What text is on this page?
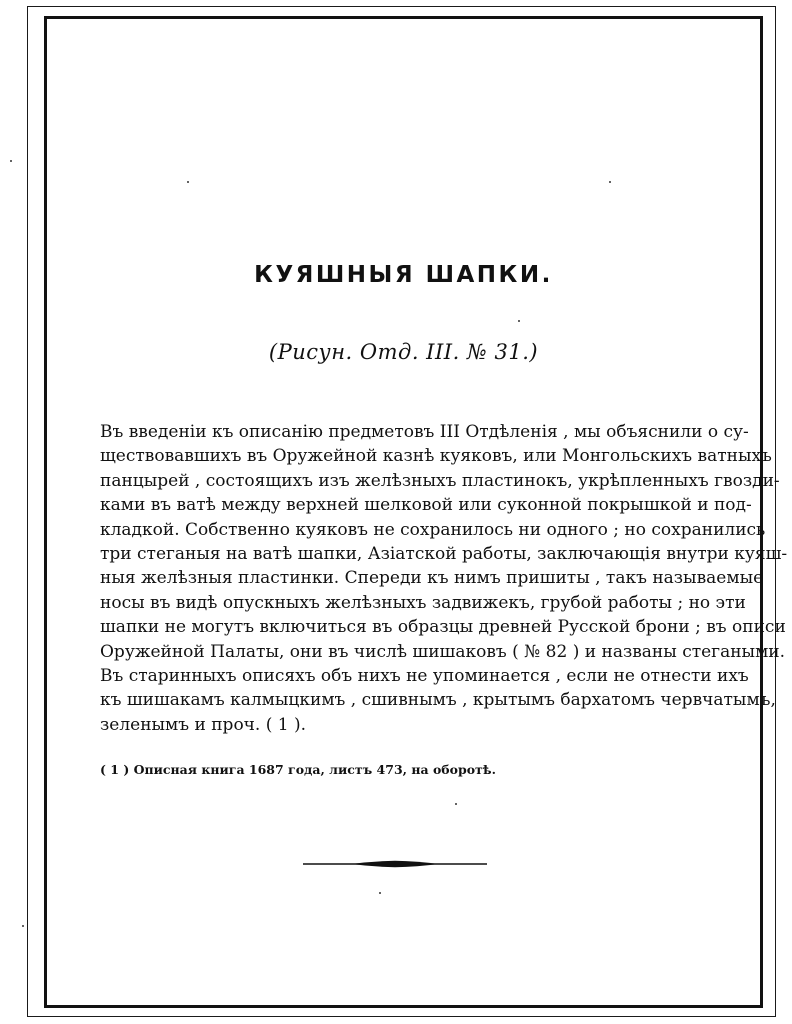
КУЯШНЫЯ ШАПКИ.
(Рисун. Отд. III. № 31.)
Въ введеніи къ описанію предметовъ III Отдѣленія , мы объяснили о су-
ществовавшихъ въ Оружейной казнѣ куяковъ, или Монгольскихъ ватныхъ
панцырей , состоящихъ изъ желѣзныхъ пластинокъ, укрѣпленныхъ гвозди-
ками въ ватѣ между верхней шелковой или суконной покрышкой и под-
кладкой. Собственно куяковъ не сохранилось ни одного ; но сохранились
три стеганыя на ватѣ шапки, Азіатской работы, заключающія внутри куяш-
ныя желѣзныя пластинки. Спереди къ нимъ пришиты , такъ называемые
носы въ видѣ опускныхъ желѣзныхъ задвижекъ, грубой работы ; но эти
шапки не могутъ включиться въ образцы древней Русской брони ; въ описи
Оружейной Палаты, они въ числѣ шишаковъ ( № 82 ) и названы стегаными.
Въ старинныхъ описяхъ объ нихъ не упоминается , если не отнести ихъ
къ шишакамъ калмыцкимъ , сшивнымъ , крытымъ бархатомъ червчатымъ,
зеленымъ и проч. ( 1 ).
( 1 ) Описная книга 1687 года, листъ 473, на оборотѣ.
